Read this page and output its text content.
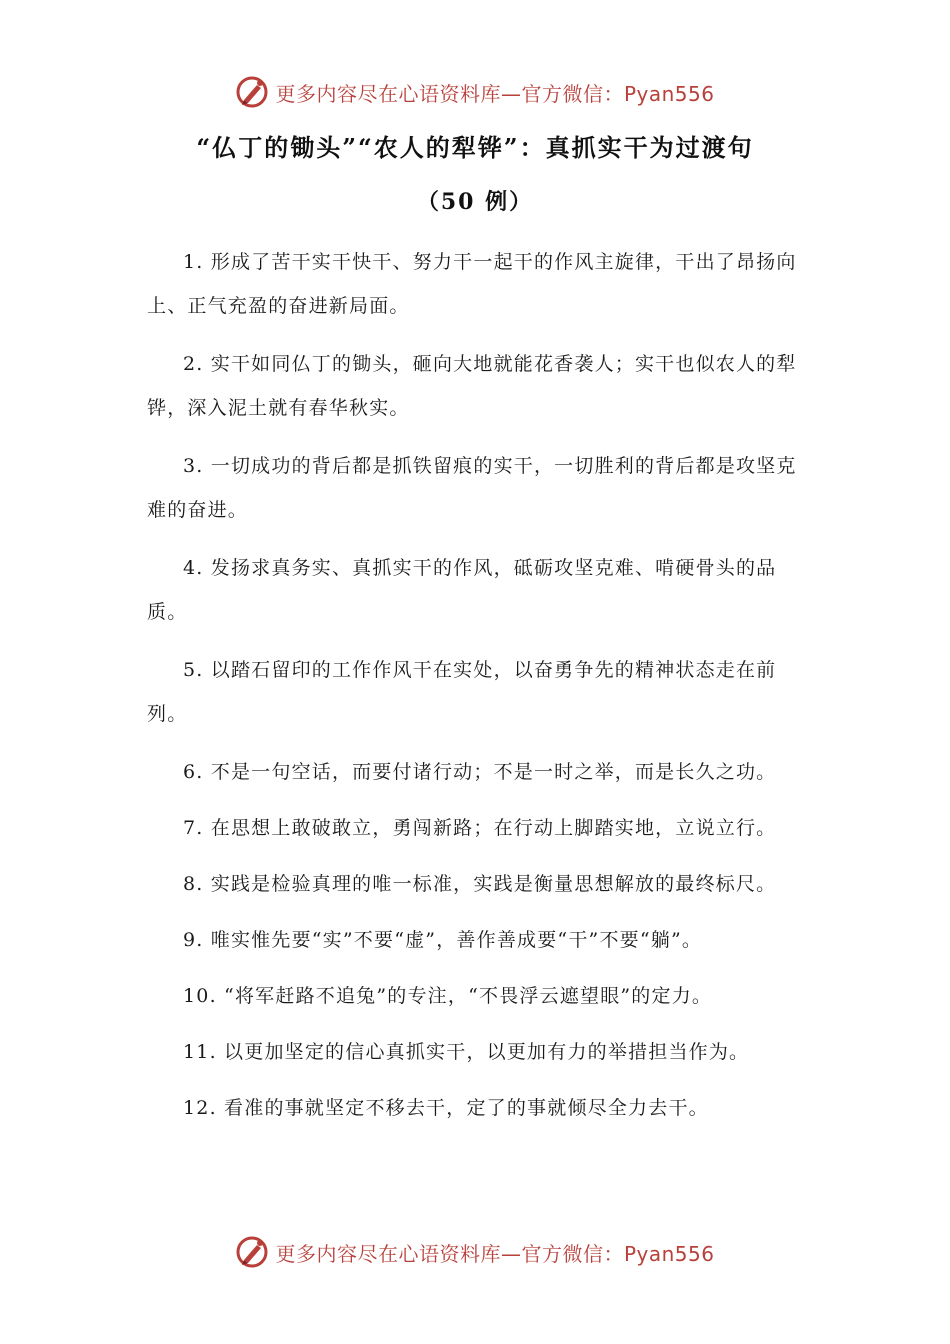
更多内容尽在心语资料库—官方微信：Pyan556
“仏丁的锄头”“农人的犁铧”：真抓实干为过渡句
（50 例）

1. 形成了苦干实干快干、努力干一起干的作风主旋律，干出了昂扬向上、正气充盈的奋进新局面。

2. 实干如同仏丁的锄头，砸向大地就能花香袭人；实干也似农人的犁铧，深入泥土就有春华秋实。

3. 一切成功的背后都是抓铁留痕的实干，一切胜利的背后都是攻坚克难的奋进。

4. 发扬求真务实、真抓实干的作风，砥砺攻坚克难、啃硬骨头的品质。

5. 以踏石留印的工作作风干在实处，以奋勇争先的精神状态走在前列。

6. 不是一句空话，而要付诸行动；不是一时之举，而是长久之功。

7. 在思想上敢破敢立，勇闯新路；在行动上脚踏实地，立说立行。

8. 实践是检验真理的唯一标准，实践是衡量思想解放的最终标尺。

9. 唯实惟先要“实”不要“虚”，善作善成要“干”不要“躺”。

10. “将军赶路不追兔”的专注，“不畏浮云遮望眼”的定力。

11. 以更加坚定的信心真抓实干，以更加有力的举措担当作为。

12. 看准的事就坚定不移去干，定了的事就倾尽全力去干。

更多内容尽在心语资料库—官方微信：Pyan556
